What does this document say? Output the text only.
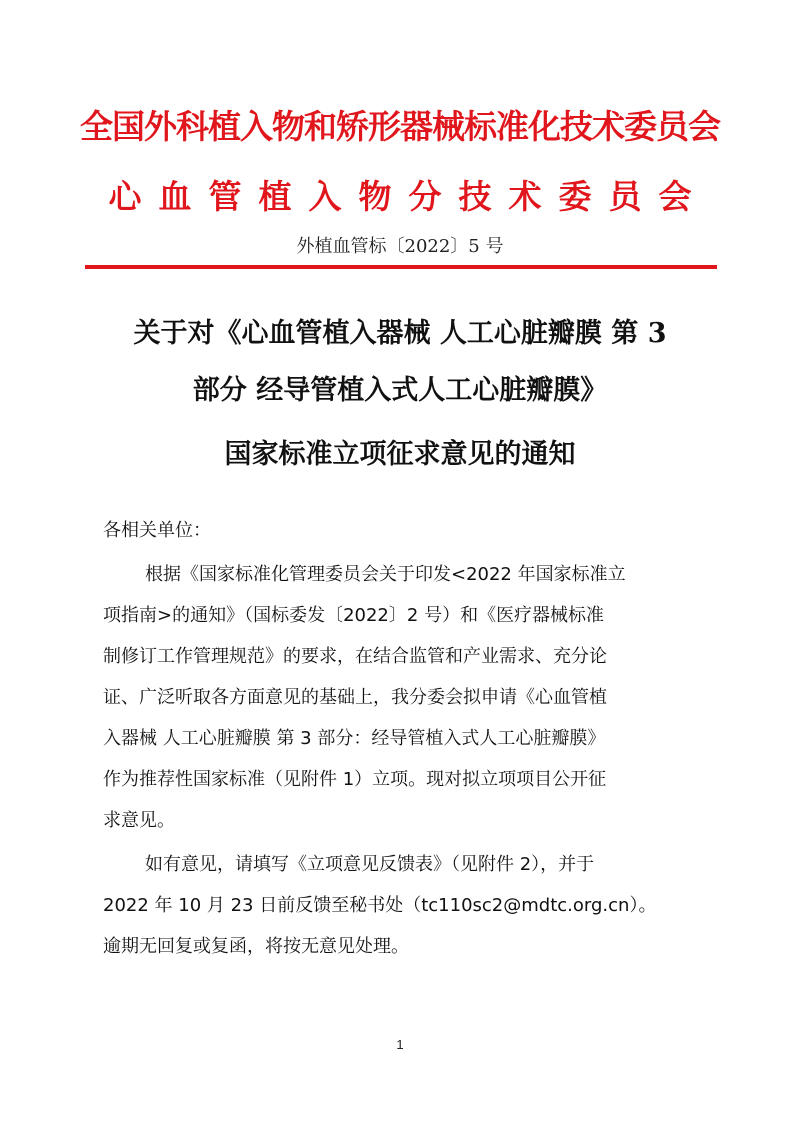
全国外科植入物和矫形器械标准化技术委员会
心血管植入物分技术委员会
外植血管标〔2022〕5 号
关于对《心血管植入器械 人工心脏瓣膜 第 3
部分 经导管植入式人工心脏瓣膜》
国家标准立项征求意见的通知
各相关单位：
根据《国家标准化管理委员会关于印发<2022 年国家标准立
项指南>的通知》（国标委发〔2022〕2 号）和《医疗器械标准
制修订工作管理规范》的要求，在结合监管和产业需求、充分论
证、广泛听取各方面意见的基础上，我分委会拟申请《心血管植
入器械 人工心脏瓣膜 第 3 部分：经导管植入式人工心脏瓣膜》
作为推荐性国家标准（见附件 1）立项。现对拟立项项目公开征
求意见。
如有意见，请填写《立项意见反馈表》（见附件 2），并于
2022 年 10 月 23 日前反馈至秘书处（tc110sc2@mdtc.org.cn）。
逾期无回复或复函，将按无意见处理。
1
